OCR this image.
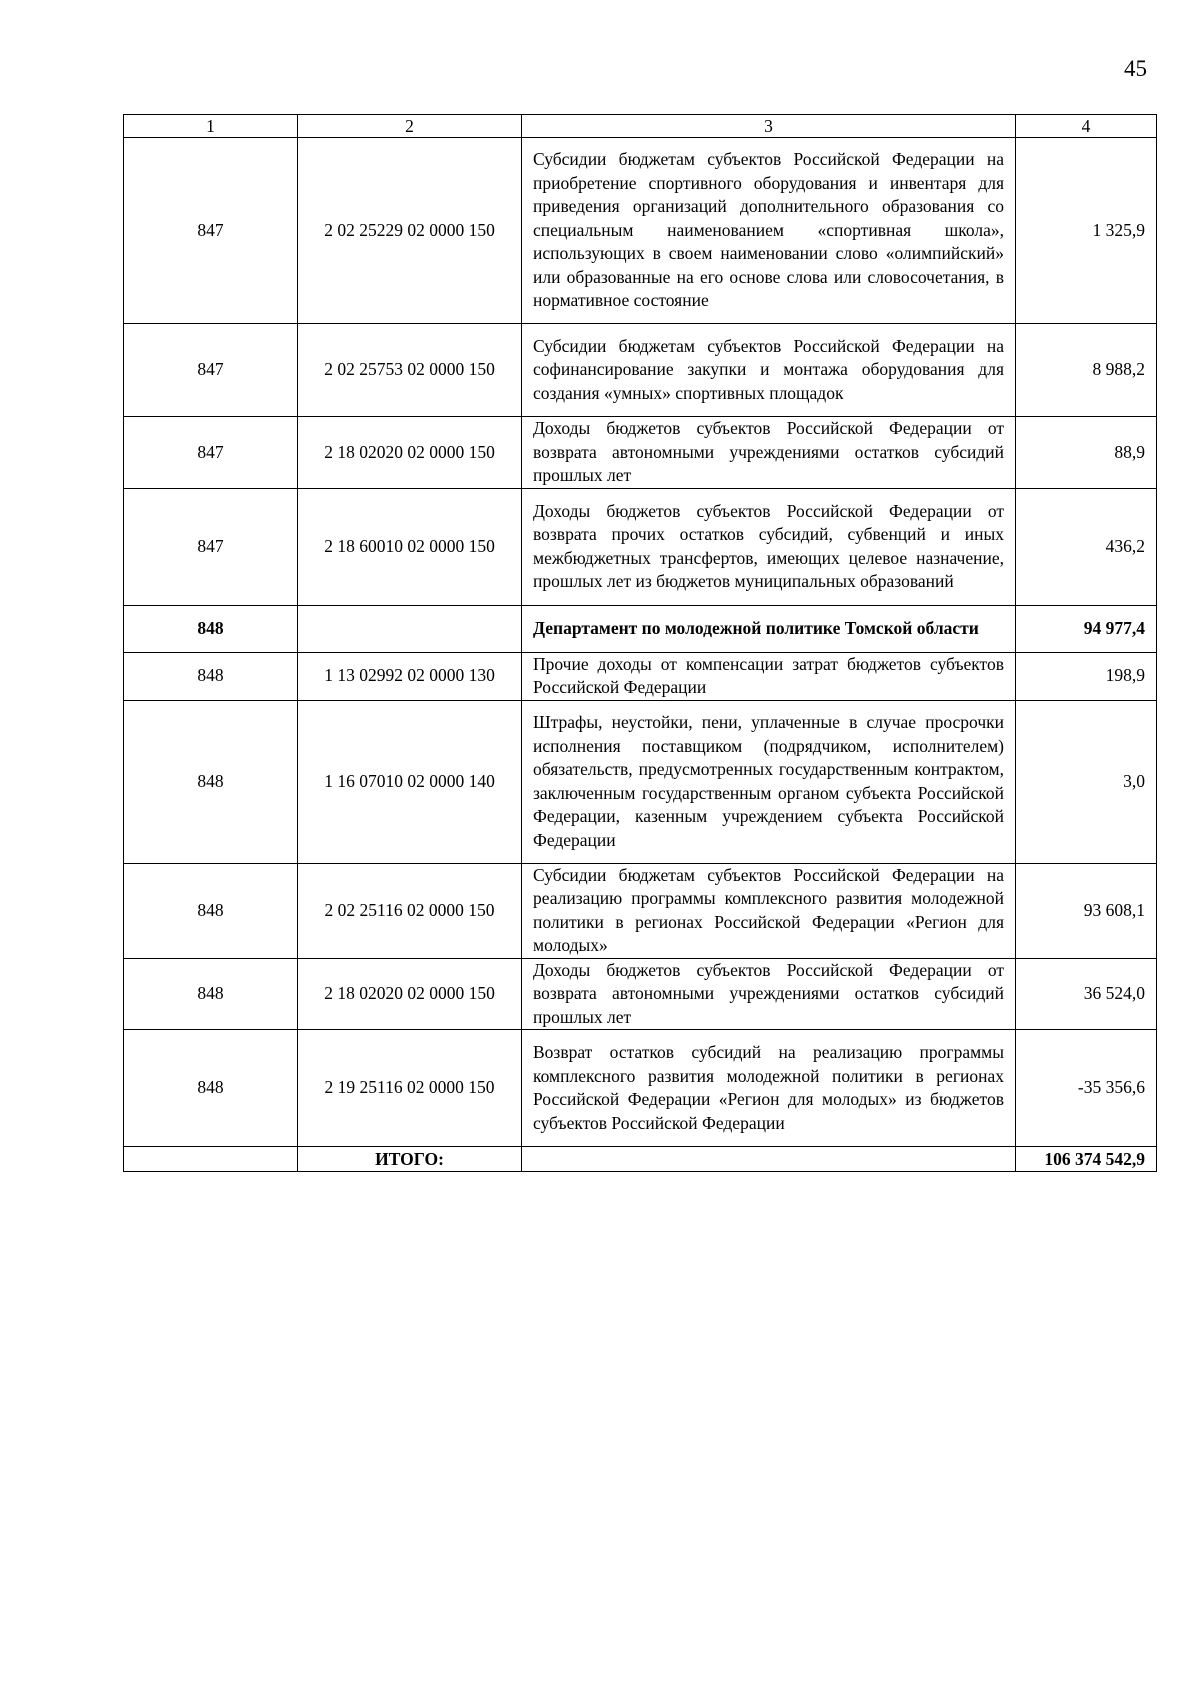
45
1	2	3	4
847	2 02 25229 02 0000 150	Субсидии бюджетам субъектов Российской Федерации на приобретение спортивного оборудования и инвентаря для приведения организаций дополнительного образования со специальным наименованием «спортивная школа», использующих в своем наименовании слово «олимпийский» или образованные на его основе слова или словосочетания, в нормативное состояние	1 325,9
847	2 02 25753 02 0000 150	Субсидии бюджетам субъектов Российской Федерации на софинансирование закупки и монтажа оборудования для создания «умных» спортивных площадок	8 988,2
847	2 18 02020 02 0000 150	Доходы бюджетов субъектов Российской Федерации от возврата автономными учреждениями остатков субсидий прошлых лет	88,9
847	2 18 60010 02 0000 150	Доходы бюджетов субъектов Российской Федерации от возврата прочих остатков субсидий, субвенций и иных межбюджетных трансфертов, имеющих целевое назначение, прошлых лет из бюджетов муниципальных образований	436,2
848		Департамент по молодежной политике Томской области	94 977,4
848	1 13 02992 02 0000 130	Прочие доходы от компенсации затрат бюджетов субъектов Российской Федерации	198,9
848	1 16 07010 02 0000 140	Штрафы, неустойки, пени, уплаченные в случае просрочки исполнения поставщиком (подрядчиком, исполнителем) обязательств, предусмотренных государственным контрактом, заключенным государственным органом субъекта Российской Федерации, казенным учреждением субъекта Российской Федерации	3,0
848	2 02 25116 02 0000 150	Субсидии бюджетам субъектов Российской Федерации на реализацию программы комплексного развития молодежной политики в регионах Российской Федерации «Регион для молодых»	93 608,1
848	2 18 02020 02 0000 150	Доходы бюджетов субъектов Российской Федерации от возврата автономными учреждениями остатков субсидий прошлых лет	36 524,0
848	2 19 25116 02 0000 150	Возврат остатков субсидий на реализацию программы комплексного развития молодежной политики в регионах Российской Федерации «Регион для молодых» из бюджетов субъектов Российской Федерации	-35 356,6
	ИТОГО:		106 374 542,9
